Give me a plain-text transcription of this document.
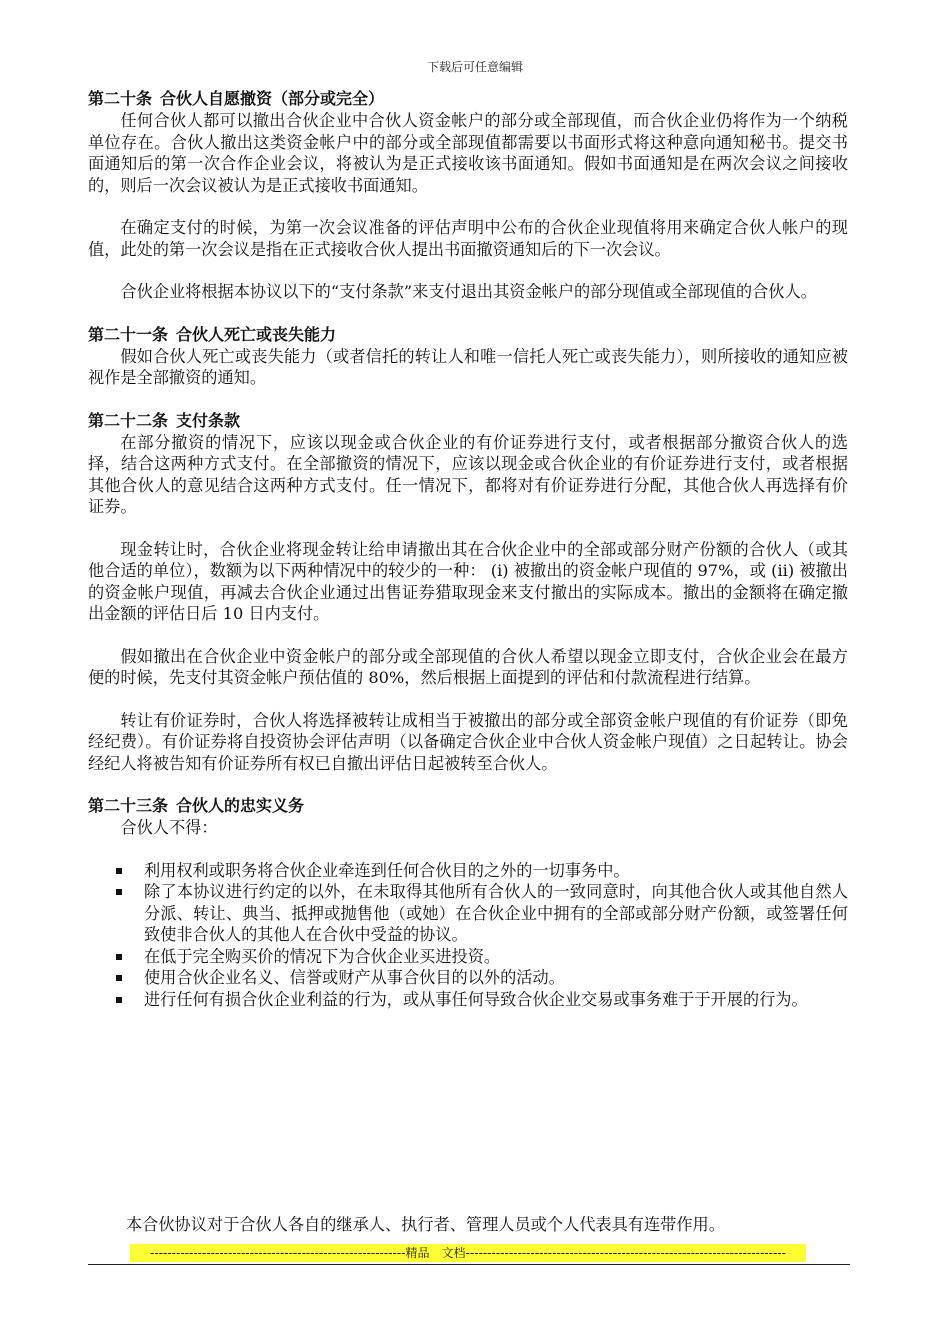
下载后可任意编辑
第二十条 合伙人自愿撤资（部分或完全）

任何合伙人都可以撤出合伙企业中合伙人资金帐户的部分或全部现值，而合伙企业仍将作为一个纳税单位存在。合伙人撤出这类资金帐户中的部分或全部现值都需要以书面形式将这种意向通知秘书。提交书面通知后的第一次合作企业会议，将被认为是正式接收该书面通知。假如书面通知是在两次会议之间接收的，则后一次会议被认为是正式接收书面通知。

在确定支付的时候，为第一次会议准备的评估声明中公布的合伙企业现值将用来确定合伙人帐户的现值，此处的第一次会议是指在正式接收合伙人提出书面撤资通知后的下一次会议。

合伙企业将根据本协议以下的“支付条款”来支付退出其资金帐户的部分现值或全部现值的合伙人。

第二十一条 合伙人死亡或丧失能力

假如合伙人死亡或丧失能力（或者信托的转让人和唯一信托人死亡或丧失能力），则所接收的通知应被视作是全部撤资的通知。

第二十二条 支付条款

在部分撤资的情况下，应该以现金或合伙企业的有价证券进行支付，或者根据部分撤资合伙人的选择，结合这两种方式支付。在全部撤资的情况下，应该以现金或合伙企业的有价证券进行支付，或者根据其他合伙人的意见结合这两种方式支付。任一情况下，都将对有价证券进行分配，其他合伙人再选择有价证券。

现金转让时，合伙企业将现金转让给申请撤出其在合伙企业中的全部或部分财产份额的合伙人（或其他合适的单位），数额为以下两种情况中的较少的一种： (i) 被撤出的资金帐户现值的 97%，或 (ii) 被撤出的资金帐户现值，再减去合伙企业通过出售证券猎取现金来支付撤出的实际成本。撤出的金额将在确定撤出金额的评估日后 10 日内支付。

假如撤出在合伙企业中资金帐户的部分或全部现值的合伙人希望以现金立即支付，合伙企业会在最方便的时候，先支付其资金帐户预估值的 80%，然后根据上面提到的评估和付款流程进行结算。

转让有价证券时，合伙人将选择被转让成相当于被撤出的部分或全部资金帐户现值的有价证券（即免经纪费）。有价证券将自投资协会评估声明（以备确定合伙企业中合伙人资金帐户现值）之日起转让。协会经纪人将被告知有价证券所有权已自撤出评估日起被转至合伙人。

第二十三条 合伙人的忠实义务

合伙人不得：

利用权利或职务将合伙企业牵连到任何合伙目的之外的一切事务中。
除了本协议进行约定的以外，在未取得其他所有合伙人的一致同意时，向其他合伙人或其他自然人分派、转让、典当、抵押或抛售他（或她）在合伙企业中拥有的全部或部分财产份额，或签署任何致使非合伙人的其他人在合伙中受益的协议。
在低于完全购买价的情况下为合伙企业买进投资。
使用合伙企业名义、信誉或财产从事合伙目的以外的活动。
进行任何有损合伙企业利益的行为，或从事任何导致合伙企业交易或事务难于于开展的行为。
本合伙协议对于合伙人各自的继承人、执行者、管理人员或个人代表具有连带作用。
-----------------------------------------------------------精品　文档--------------------------------------------------------------------------
